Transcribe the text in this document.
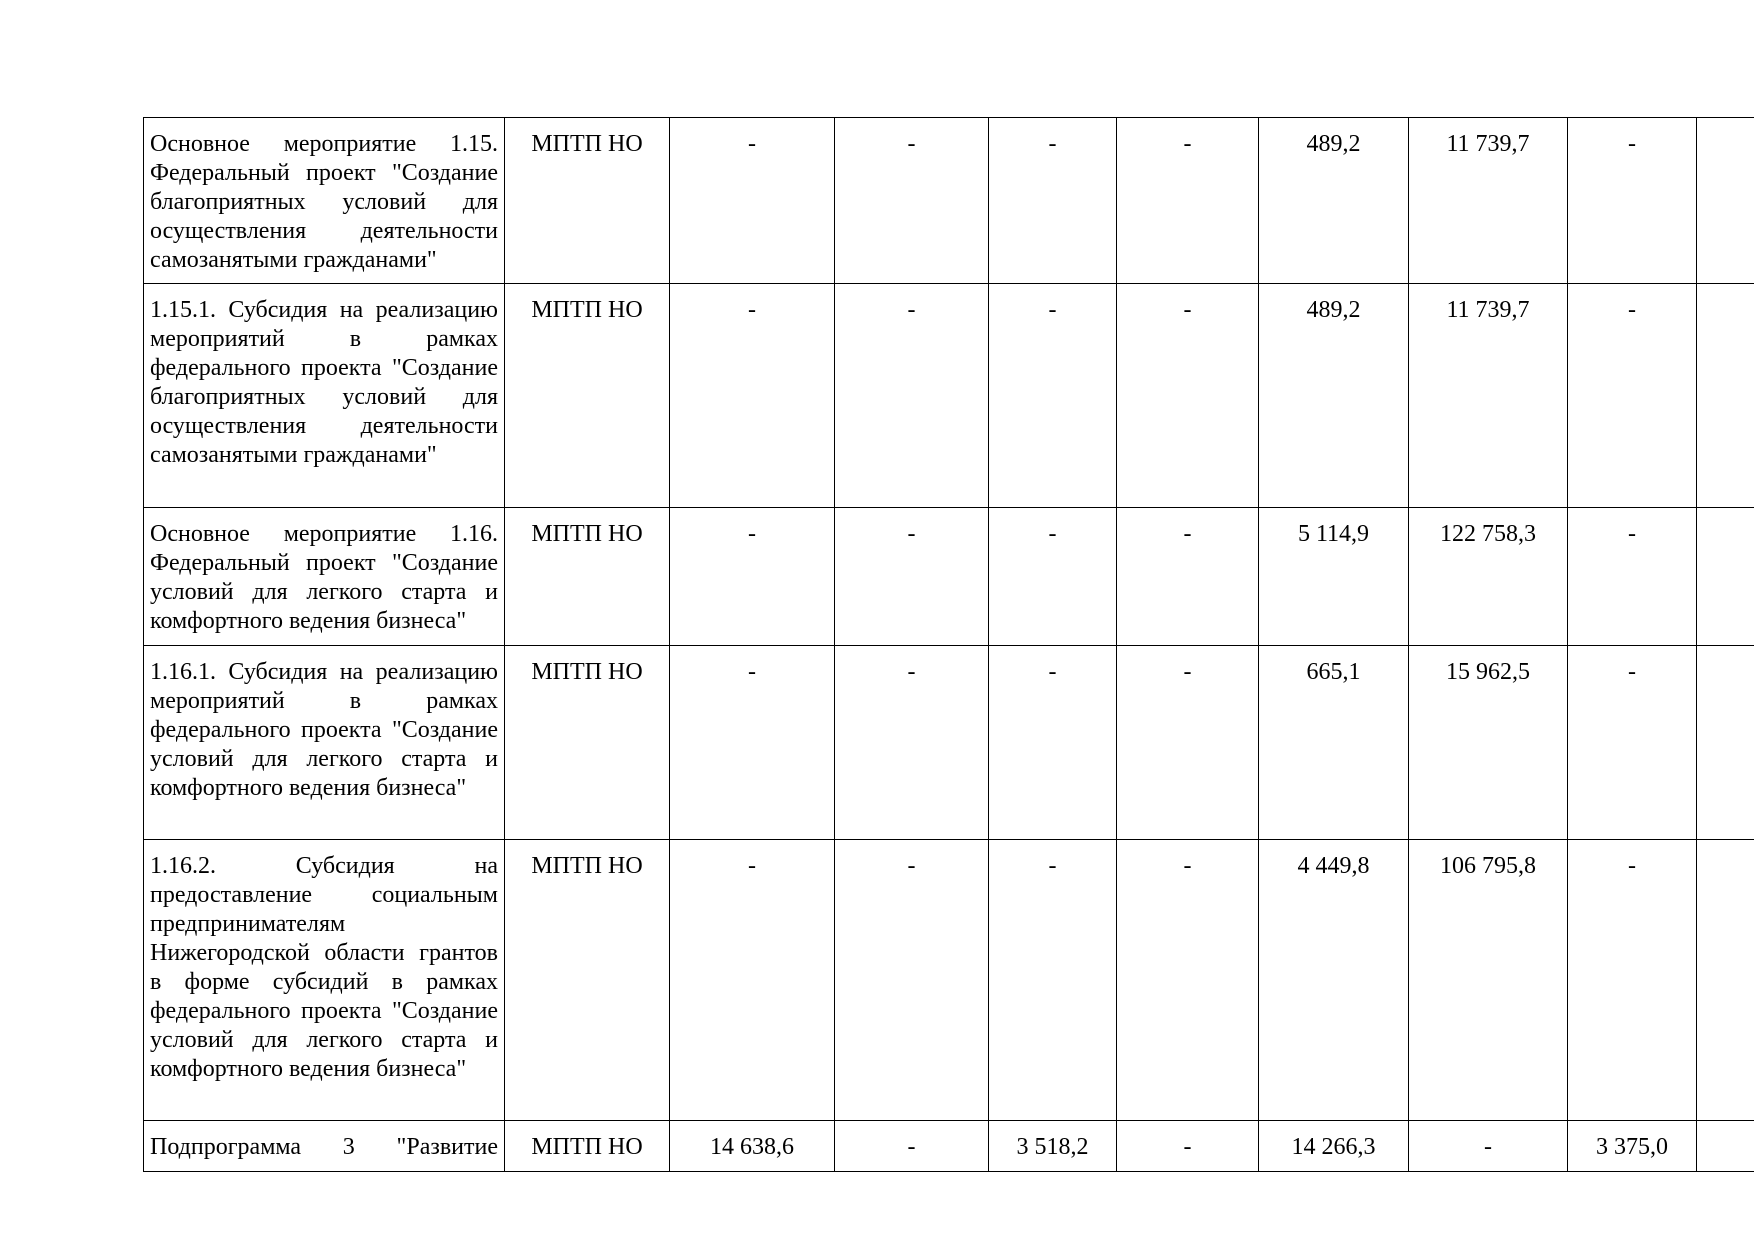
Основное мероприятие 1.15. Федеральный проект "Создание благоприятных условий для осуществления деятельности самозанятыми гражданами"	МПТП НО	-	-	-	-	489,2	11 739,7	-	
1.15.1. Субсидия на реализацию мероприятий в рамках федерального проекта "Создание благоприятных условий для осуществления деятельности самозанятыми гражданами"	МПТП НО	-	-	-	-	489,2	11 739,7	-	
Основное мероприятие 1.16. Федеральный проект "Создание условий для легкого старта и комфортного ведения бизнеса"	МПТП НО	-	-	-	-	5 114,9	122 758,3	-	
1.16.1. Субсидия на реализацию мероприятий в рамках федерального проекта "Создание условий для легкого старта и комфортного ведения бизнеса"	МПТП НО	-	-	-	-	665,1	15 962,5	-	
1.16.2. Субсидия на предоставление социальным предпринимателям Нижегородской области грантов в форме субсидий в рамках федерального проекта "Создание условий для легкого старта и комфортного ведения бизнеса"	МПТП НО	-	-	-	-	4 449,8	106 795,8	-	
Подпрограмма 3 "Развитие	МПТП НО	14 638,6	-	3 518,2	-	14 266,3	-	3 375,0	
